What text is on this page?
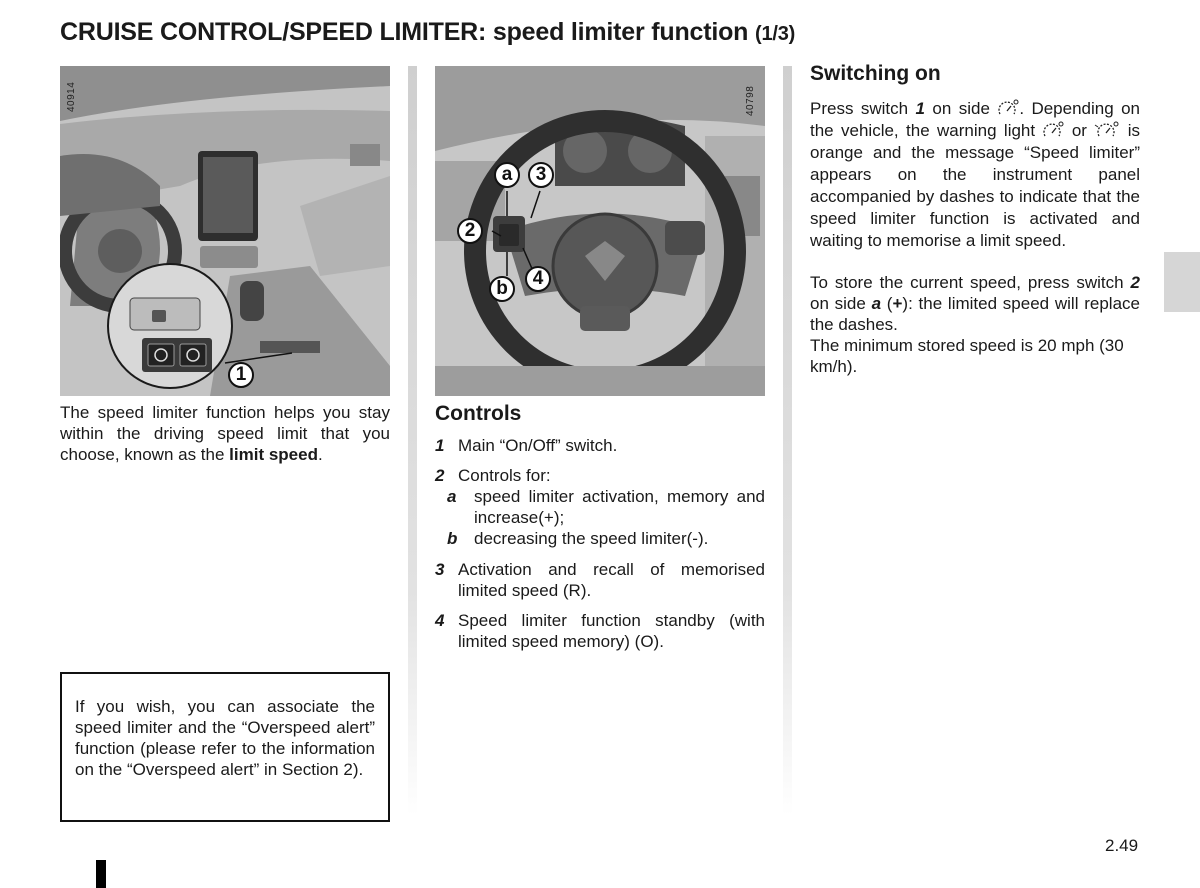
CRUISE CONTROL/SPEED LIMITER: speed limiter function (1/3)
40914
1
40798
a	3
2
b	4

The speed limiter function helps you stay within the driving speed limit that you choose, known as the limit speed.

If you wish, you can associate the speed limiter and the “Overspeed alert” function (please refer to the information on the “Overspeed alert” in Section 2).

Controls
1 Main “On/Off” switch.
2 Controls for:
a speed limiter activation, memory and increase(+);
b decreasing the speed limiter(-).
3 Activation and recall of memorised limited speed (R).
4 Speed limiter function standby (with limited speed memory) (O).
Switching on

Press switch 1 on side . Depending on the vehicle, the warning light  or  is orange and the message “Speed limiter” appears on the instrument panel accompanied by dashes to indicate that the speed limiter function is activated and waiting to memorise a limit speed.

To store the current speed, press switch 2 on side a (+): the limited speed will replace the dashes.

The minimum stored speed is 20 mph (30 km/h).

2.49
